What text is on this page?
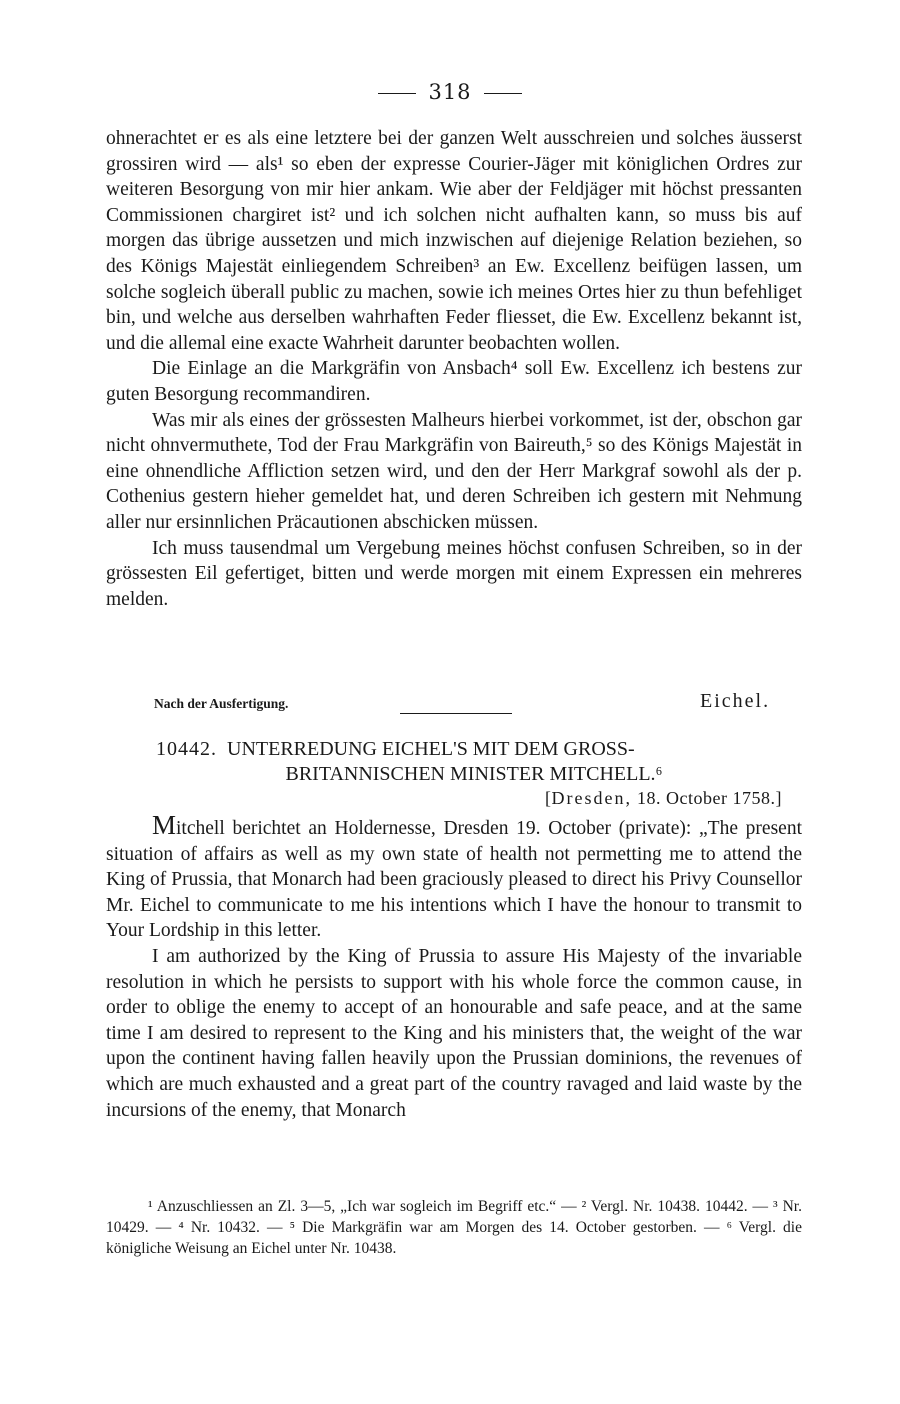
318

ohnerachtet er es als eine letztere bei der ganzen Welt ausschreien und solches äusserst grossiren wird — als¹ so eben der expresse Courier-Jäger mit königlichen Ordres zur weiteren Besorgung von mir hier ankam. Wie aber der Feldjäger mit höchst pressanten Commissionen chargiret ist² und ich solchen nicht aufhalten kann, so muss bis auf morgen das übrige aussetzen und mich inzwischen auf diejenige Relation beziehen, so des Königs Majestät einliegendem Schreiben³ an Ew. Excellenz beifügen lassen, um solche sogleich überall public zu machen, sowie ich meines Ortes hier zu thun befehliget bin, und welche aus derselben wahrhaften Feder fliesset, die Ew. Excellenz bekannt ist, und die allemal eine exacte Wahrheit darunter beobachten wollen.

Die Einlage an die Markgräfin von Ansbach⁴ soll Ew. Excellenz ich bestens zur guten Besorgung recommandiren.

Was mir als eines der grössesten Malheurs hierbei vorkommet, ist der, obschon gar nicht ohnvermuthete, Tod der Frau Markgräfin von Baireuth,⁵ so des Königs Majestät in eine ohnendliche Affliction setzen wird, und den der Herr Markgraf sowohl als der p. Cothenius gestern hieher gemeldet hat, und deren Schreiben ich gestern mit Nehmung aller nur ersinnlichen Präcautionen abschicken müssen.

Ich muss tausendmal um Vergebung meines höchst confusen Schreiben, so in der grössesten Eil gefertiget, bitten und werde morgen mit einem Expressen ein mehreres melden.

Nach der Ausfertigung.	Eichel.
10442. UNTERREDUNG EICHEL'S MIT DEM GROSS-
BRITANNISCHEN MINISTER MITCHELL.⁶
[Dresden, 18. October 1758.]

Mitchell berichtet an Holdernesse, Dresden 19. October (private): „The present situation of affairs as well as my own state of health not permetting me to attend the King of Prussia, that Monarch had been graciously pleased to direct his Privy Counsellor Mr. Eichel to communicate to me his intentions which I have the honour to transmit to Your Lordship in this letter.

I am authorized by the King of Prussia to assure His Majesty of the invariable resolution in which he persists to support with his whole force the common cause, in order to oblige the enemy to accept of an honourable and safe peace, and at the same time I am desired to represent to the King and his ministers that, the weight of the war upon the continent having fallen heavily upon the Prussian dominions, the revenues of which are much exhausted and a great part of the country ravaged and laid waste by the incursions of the enemy, that Monarch

¹ Anzuschliessen an Zl. 3—5, „Ich war sogleich im Begriff etc.“ — ² Vergl. Nr. 10438. 10442. — ³ Nr. 10429. — ⁴ Nr. 10432. — ⁵ Die Markgräfin war am Morgen des 14. October gestorben. — ⁶ Vergl. die königliche Weisung an Eichel unter Nr. 10438.
